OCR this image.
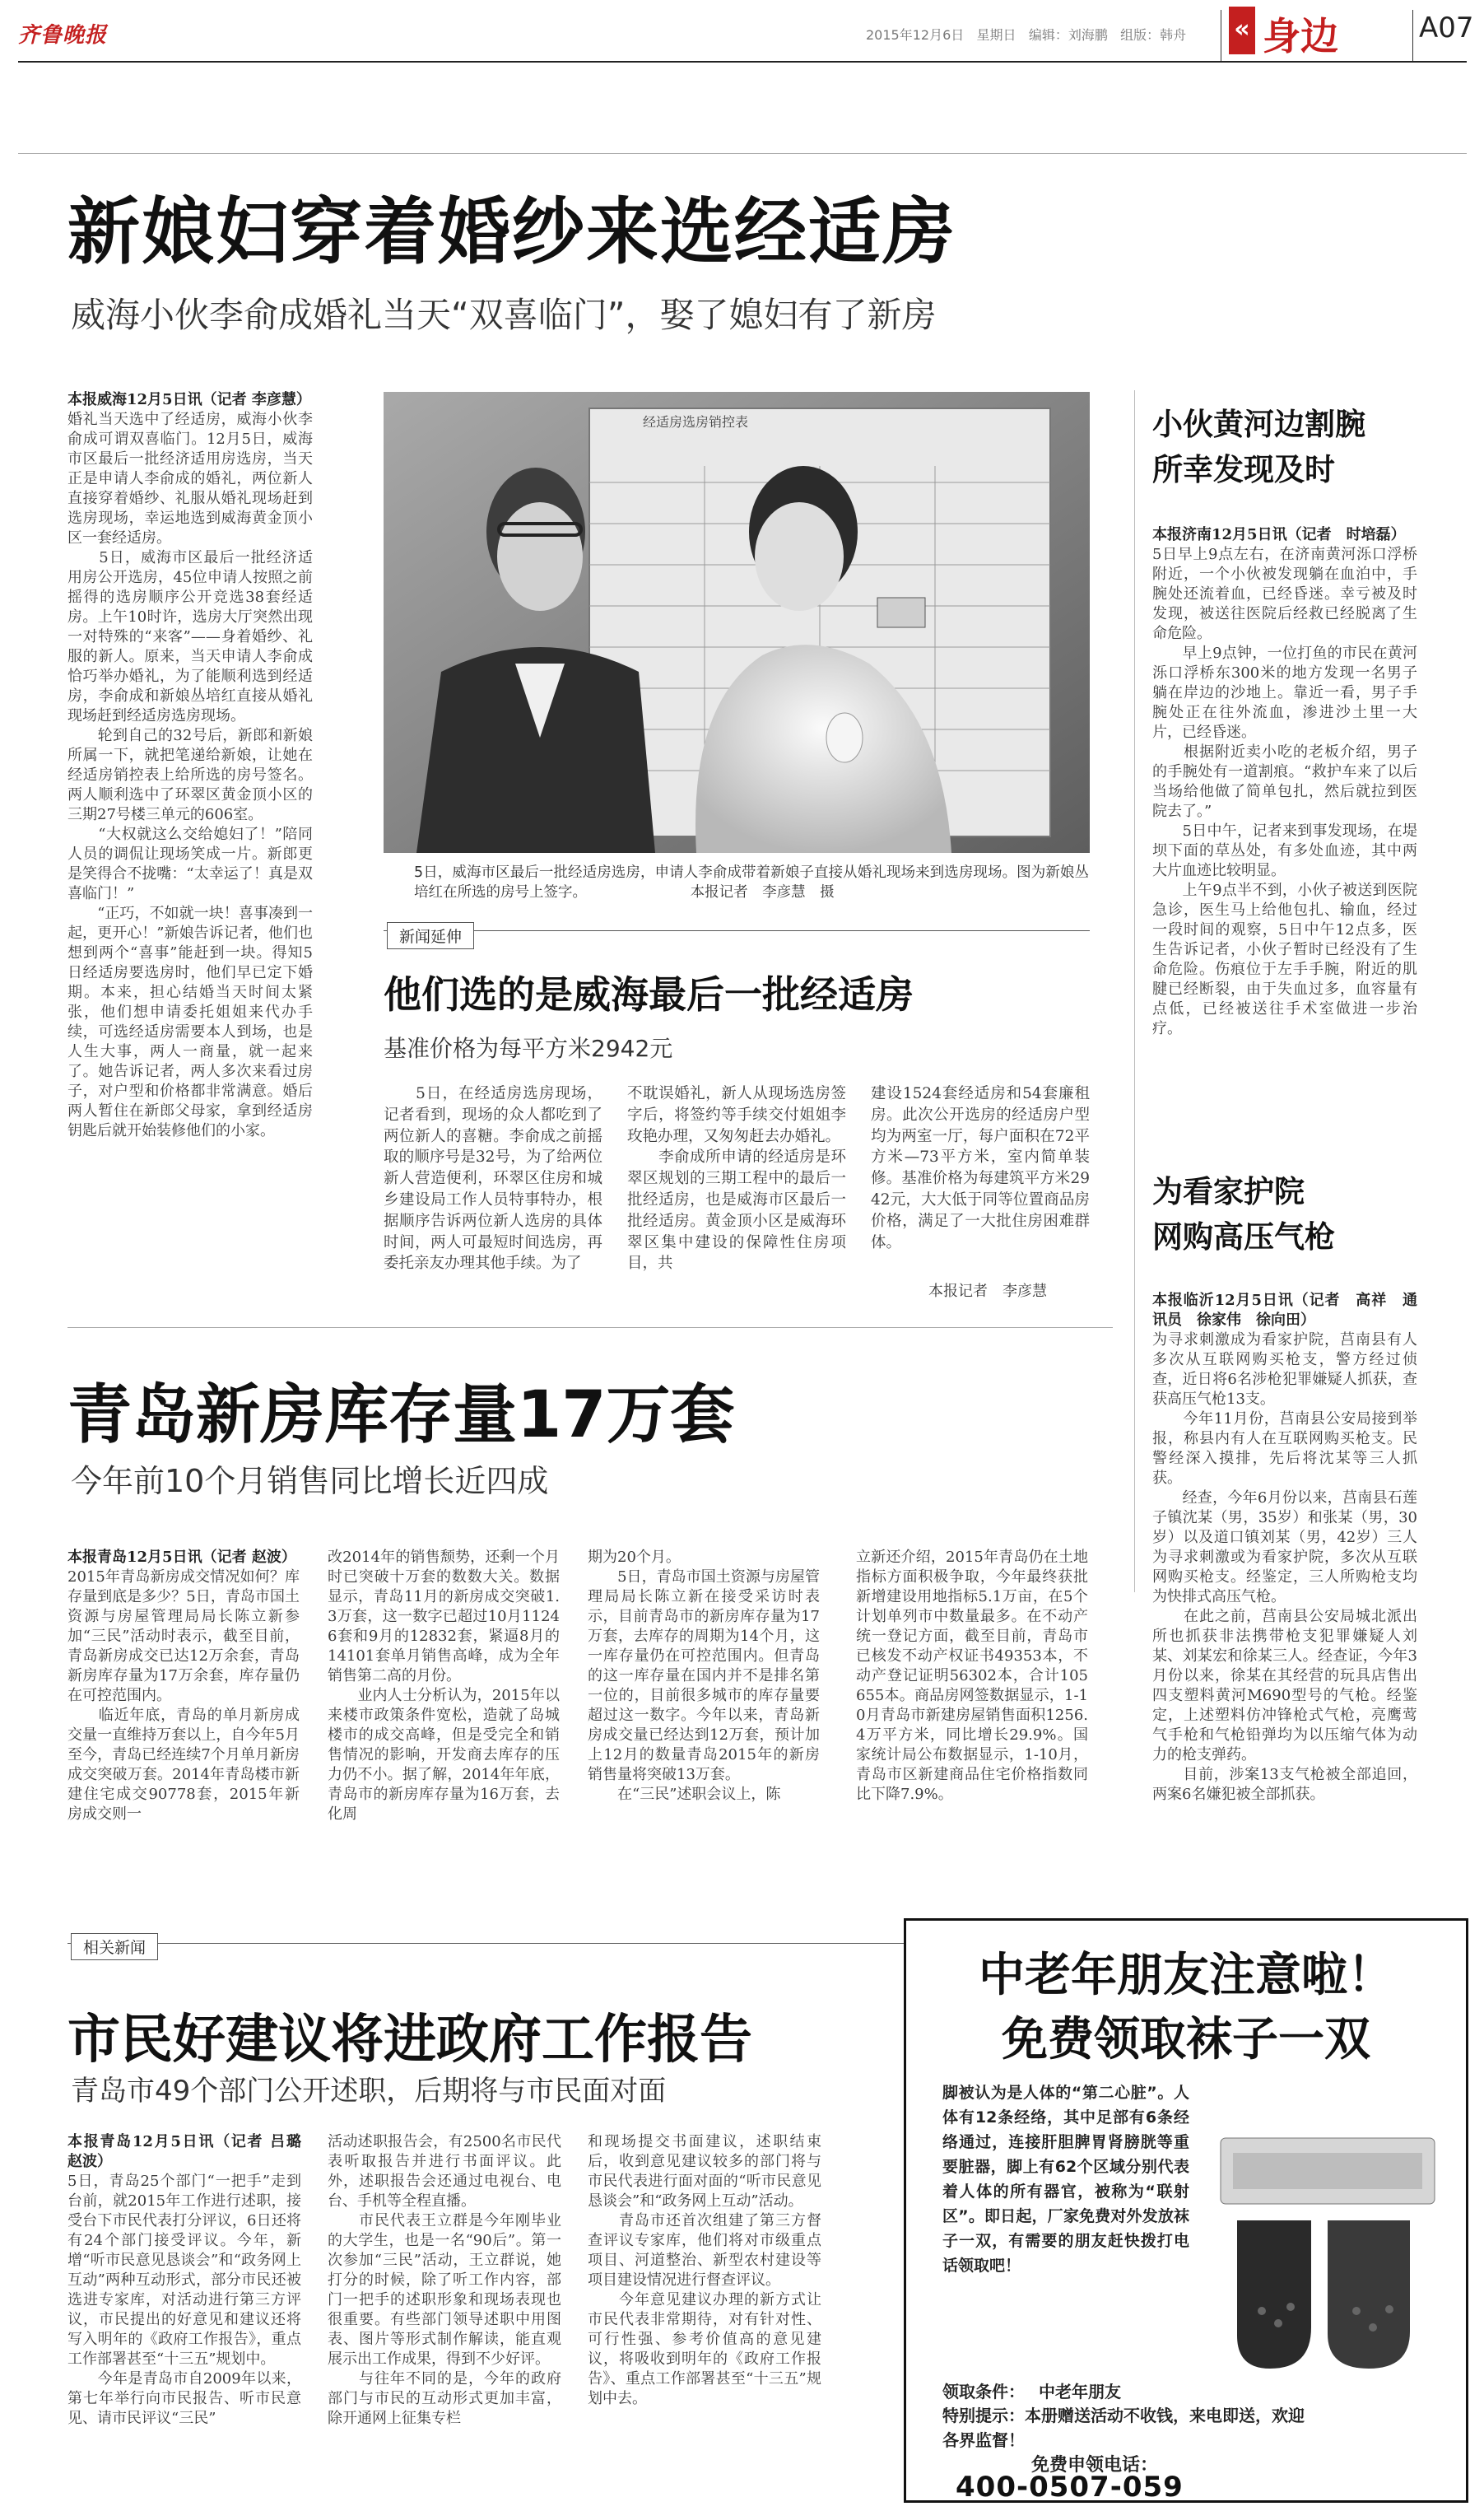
齐鲁晚报	2015年12月6日 星期日 编辑：刘海鹏 组版：韩舟 « 身边	A07
新娘妇穿着婚纱来选经适房
威海小伙李俞成婚礼当天“双喜临门”，娶了媳妇有了新房
本报威海12月5日讯（记者 李彦慧）
婚礼当天选中了经适房，威海小伙李俞成可谓双喜临门。12月5日，威海市区最后一批经济适用房选房，当天正是申请人李俞成的婚礼，两位新人直接穿着婚纱、礼服从婚礼现场赶到选房现场，幸运地选到威海黄金顶小区一套经适房。
　　5日，威海市区最后一批经济适用房公开选房，45位申请人按照之前摇得的选房顺序公开竞选38套经适房。上午10时许，选房大厅突然出现一对特殊的“来客”——身着婚纱、礼服的新人。原来，当天申请人李俞成恰巧举办婚礼，为了能顺利选到经适房，李俞成和新娘丛培红直接从婚礼现场赶到经适房选房现场。
　　轮到自己的32号后，新郎和新娘所属一下，就把笔递给新娘，让她在经适房销控表上给所选的房号签名。两人顺利选中了环翠区黄金顶小区的三期27号楼三单元的606室。
　　“大权就这么交给媳妇了！”陪同人员的调侃让现场笑成一片。新郎更是笑得合不拢嘴：“太幸运了！真是双喜临门！”
　　“正巧，不如就一块！喜事凑到一起，更开心！”新娘告诉记者，他们也想到两个“喜事”能赶到一块。得知5日经适房要选房时，他们早已定下婚期。本来，担心结婚当天时间太紧张，他们想申请委托姐姐来代办手续，可选经适房需要本人到场，也是人生大事，两人一商量，就一起来了。她告诉记者，两人多次来看过房子，对户型和价格都非常满意。婚后两人暂住在新郎父母家，拿到经适房钥匙后就开始装修他们的小家。
经适房选房销控表
5日，威海市区最后一批经适房选房，申请人李俞成带着新娘子直接从婚礼现场来到选房现场。图为新娘丛培红在所选的房号上签字。	本报记者　李彦慧　摄
新闻延伸
他们选的是威海最后一批经适房
基准价格为每平方米2942元
　　5日，在经适房选房现场，记者看到，现场的众人都吃到了两位新人的喜糖。李俞成之前摇取的顺序号是32号，为了给两位新人营造便利，环翠区住房和城乡建设局工作人员特事特办，根据顺序告诉两位新人选房的具体时间，两人可最短时间选房，再委托亲友办理其他手续。为了
不耽误婚礼，新人从现场选房签字后，将签约等手续交付姐姐李玫艳办理，又匆匆赶去办婚礼。
　　李俞成所申请的经适房是环翠区规划的三期工程中的最后一批经适房，也是威海市区最后一批经适房。黄金顶小区是威海环翠区集中建设的保障性住房项目，共
建设1524套经适房和54套廉租房。此次公开选房的经适房户型均为两室一厅，每户面积在72平方米—73平方米，室内简单装修。基准价格为每建筑平方米2942元，大大低于同等位置商品房价格，满足了一大批住房困难群体。
本报记者　李彦慧
小伙黄河边割腕
所幸发现及时
本报济南12月5日讯（记者　时培磊）
5日早上9点左右，在济南黄河泺口浮桥附近，一个小伙被发现躺在血泊中，手腕处还流着血，已经昏迷。幸亏被及时发现，被送往医院后经救已经脱离了生命危险。
　　早上9点钟，一位打鱼的市民在黄河泺口浮桥东300米的地方发现一名男子躺在岸边的沙地上。靠近一看，男子手腕处正在往外流血，渗进沙土里一大片，已经昏迷。
　　根据附近卖小吃的老板介绍，男子的手腕处有一道割痕。“救护车来了以后当场给他做了简单包扎，然后就拉到医院去了。”
　　5日中午，记者来到事发现场，在堤坝下面的草丛处，有多处血迹，其中两大片血迹比较明显。
　　上午9点半不到，小伙子被送到医院急诊，医生马上给他包扎、输血，经过一段时间的观察，5日中午12点多，医生告诉记者，小伙子暂时已经没有了生命危险。伤痕位于左手手腕，附近的肌腱已经断裂，由于失血过多，血容量有点低，已经被送往手术室做进一步治疗。
为看家护院
网购高压气枪
本报临沂12月5日讯（记者　高祥　通讯员　徐家伟　徐向田）
为寻求刺激成为看家护院，莒南县有人多次从互联网购买枪支，警方经过侦查，近日将6名涉枪犯罪嫌疑人抓获，查获高压气枪13支。
　　今年11月份，莒南县公安局接到举报，称县内有人在互联网购买枪支。民警经深入摸排，先后将沈某等三人抓获。
　　经查，今年6月份以来，莒南县石莲子镇沈某（男，35岁）和张某（男，30岁）以及道口镇刘某（男，42岁）三人为寻求刺激或为看家护院，多次从互联网购买枪支。经鉴定，三人所购枪支均为快排式高压气枪。
　　在此之前，莒南县公安局城北派出所也抓获非法携带枪支犯罪嫌疑人刘某、刘某宏和徐某三人。经查证，今年3月份以来，徐某在其经营的玩具店售出四支塑料黄河M690型号的气枪。经鉴定，上述塑料仿冲锋枪式气枪，亮鹰莺气手枪和气枪铅弹均为以压缩气体为动力的枪支弹药。
　　目前，涉案13支气枪被全部追回，两案6名嫌犯被全部抓获。
青岛新房库存量17万套
今年前10个月销售同比增长近四成
本报青岛12月5日讯（记者 赵波）
2015年青岛新房成交情况如何？库存量到底是多少？5日，青岛市国土资源与房屋管理局局长陈立新参加“三民”活动时表示，截至目前，青岛新房成交已达12万余套，青岛新房库存量为17万余套，库存量仍在可控范围内。
　　临近年底，青岛的单月新房成交量一直维持万套以上，自今年5月至今，青岛已经连续7个月单月新房成交突破万套。2014年青岛楼市新建住宅成交90778套，2015年新房成交则一
改2014年的销售颓势，还剩一个月时已突破十万套的数数大关。数据显示，青岛11月的新房成交突破1.3万套，这一数字已超过10月11246套和9月的12832套，紧逼8月的14101套单月销售高峰，成为全年销售第二高的月份。
　　业内人士分析认为，2015年以来楼市政策条件宽松，造就了岛城楼市的成交高峰，但是受完全和销售情况的影响，开发商去库存的压力仍不小。据了解，2014年年底，青岛市的新房库存量为16万套，去化周
期为20个月。
　　5日，青岛市国土资源与房屋管理局局长陈立新在接受采访时表示，目前青岛市的新房库存量为17万套，去库存的周期为14个月，这一库存量仍在可控范围内。但青岛的这一库存量在国内并不是排名第一位的，目前很多城市的库存量要超过这一数字。今年以来，青岛新房成交量已经达到12万套，预计加上12月的数量青岛2015年的新房销售量将突破13万套。
　　在“三民”述职会议上，陈
立新还介绍，2015年青岛仍在土地指标方面积极争取，今年最终获批新增建设用地指标5.1万亩，在5个计划单列市中数量最多。在不动产统一登记方面，截至目前，青岛市已核发不动产权证书49353本，不动产登记证明56302本，合计105655本。商品房网签数据显示，1-10月青岛市新建房屋销售面积1256.4万平方米，同比增长29.9%。国家统计局公布数据显示，1-10月，青岛市区新建商品住宅价格指数同比下降7.9%。
相关新闻
市民好建议将进政府工作报告
青岛市49个部门公开述职，后期将与市民面对面
本报青岛12月5日讯（记者 吕璐　赵波）
5日，青岛25个部门“一把手”走到台前，就2015年工作进行述职，接受台下市民代表打分评议，6日还将有24个部门接受评议。今年，新增“听市民意见恳谈会”和“政务网上互动”两种互动形式，部分市民还被选进专家库，对活动进行第三方评议，市民提出的好意见和建议还将写入明年的《政府工作报告》，重点工作部署甚至“十三五”规划中。
　　今年是青岛市自2009年以来，第七年举行向市民报告、听市民意见、请市民评议“三民”
活动述职报告会，有2500名市民代表听取报告并进行书面评议。此外，述职报告会还通过电视台、电台、手机等全程直播。
　　市民代表王立群是今年刚毕业的大学生，也是一名“90后”。第一次参加“三民”活动，王立群说，她打分的时候，除了听工作内容，部门一把手的述职形象和现场表现也很重要。有些部门领导述职中用图表、图片等形式制作解读，能直观展示出工作成果，得到不少好评。
　　与往年不同的是，今年的政府部门与市民的互动形式更加丰富，除开通网上征集专栏
和现场提交书面建议，述职结束后，收到意见建议较多的部门将与市民代表进行面对面的“听市民意见恳谈会”和“政务网上互动”活动。
　　青岛市还首次组建了第三方督查评议专家库，他们将对市级重点项目、河道整治、新型农村建设等项目建设情况进行督查评议。
　　今年意见建议办理的新方式让市民代表非常期待，对有针对性、可行性强、参考价值高的意见建议，将吸收到明年的《政府工作报告》、重点工作部署甚至“十三五”规划中去。
中老年朋友注意啦！
免费领取袜子一双
脚被认为是人体的“第二心脏”。人体有12条经络，其中足部有6条经络通过，连接肝胆脾胃肾膀胱等重要脏器，脚上有62个区域分别代表着人体的所有器官，被称为“联射区”。即日起，厂家免费对外发放袜子一双，有需要的朋友赶快拨打电话领取吧！
领取条件： 中老年朋友
特别提示：本册赠送活动不收钱，来电即送，欢迎各界监督！
免费申领电话：
400-0507-059
